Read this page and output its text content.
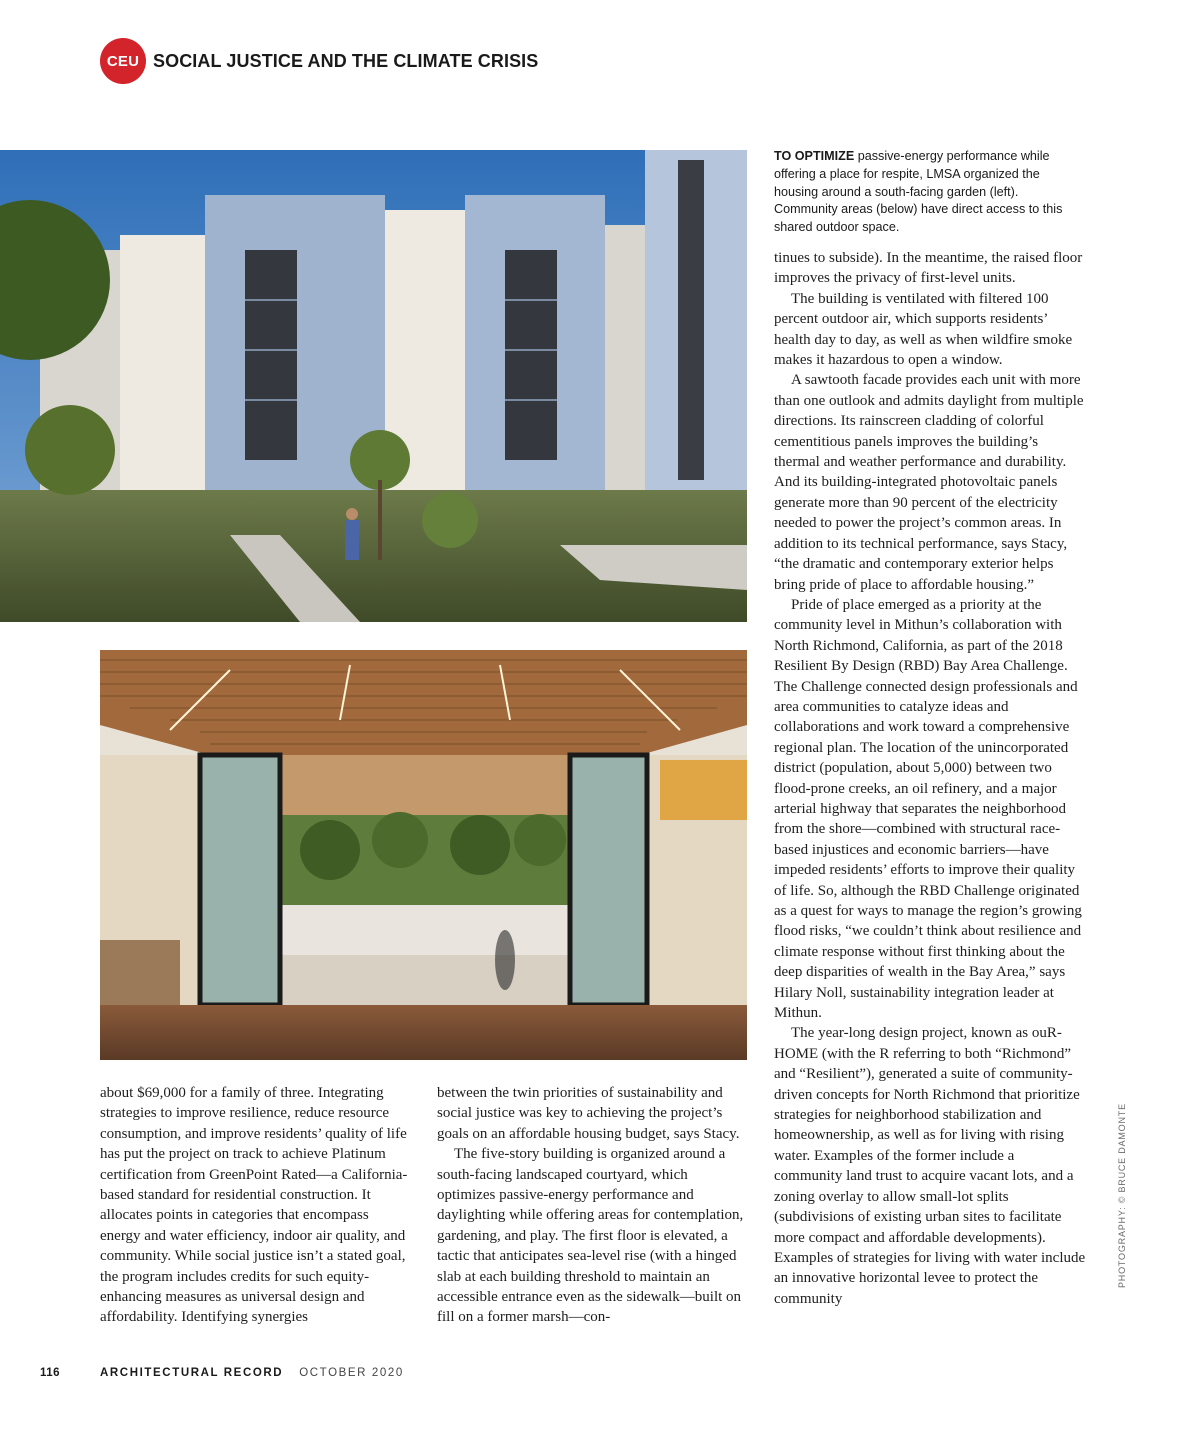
CEU SOCIAL JUSTICE AND THE CLIMATE CRISIS
TO OPTIMIZE passive-energy performance while offering a place for respite, LMSA organized the housing around a south-facing garden (left). Community areas (below) have direct access to this shared outdoor space.

about $69,000 for a family of three. Integrating strategies to improve resilience, reduce resource consumption, and improve residents’ quality of life has put the project on track to achieve Platinum certification from GreenPoint Rated—a California-based standard for residential construction. It allocates points in categories that encompass energy and water efficiency, indoor air quality, and community. While social justice isn’t a stated goal, the program includes credits for such equity-enhancing measures as universal design and affordability. Identifying synergies

between the twin priorities of sustainability and social justice was key to achieving the project’s goals on an affordable housing budget, says Stacy.

The five-story building is organized around a south-facing landscaped courtyard, which optimizes passive-energy performance and daylighting while offering areas for contemplation, gardening, and play. The first floor is elevated, a tactic that anticipates sea-level rise (with a hinged slab at each building threshold to maintain an accessible entrance even as the sidewalk—built on fill on a former marsh—con-

tinues to subside). In the meantime, the raised floor improves the privacy of first-level units.

The building is ventilated with filtered 100 percent outdoor air, which supports residents’ health day to day, as well as when wildfire smoke makes it hazardous to open a window.

A sawtooth facade provides each unit with more than one outlook and admits daylight from multiple directions. Its rainscreen cladding of colorful cementitious panels improves the building’s thermal and weather performance and durability. And its building-integrated photovoltaic panels generate more than 90 percent of the electricity needed to power the project’s common areas. In addition to its technical performance, says Stacy, “the dramatic and contemporary exterior helps bring pride of place to affordable housing.”

Pride of place emerged as a priority at the community level in Mithun’s collaboration with North Richmond, California, as part of the 2018 Resilient By Design (RBD) Bay Area Challenge. The Challenge connected design professionals and area communities to catalyze ideas and collaborations and work toward a comprehensive regional plan. The location of the unincorporated district (population, about 5,000) between two flood-prone creeks, an oil refinery, and a major arterial highway that separates the neighborhood from the shore—combined with structural race-based injustices and economic barriers—have impeded residents’ efforts to improve their quality of life. So, although the RBD Challenge originated as a quest for ways to manage the region’s growing flood risks, “we couldn’t think about resilience and climate response without first thinking about the deep disparities of wealth in the Bay Area,” says Hilary Noll, sustainability integration leader at Mithun.

The year-long design project, known as ouR-HOME (with the R referring to both “Richmond” and “Resilient”), generated a suite of community-driven concepts for North Richmond that prioritize strategies for neighborhood stabilization and homeownership, as well as for living with rising water. Examples of the former include a community land trust to acquire vacant lots, and a zoning overlay to allow small-lot splits (subdivisions of existing urban sites to facilitate more compact and affordable developments). Examples of strategies for living with water include an innovative horizontal levee to protect the community

PHOTOGRAPHY: © BRUCE DAMONTE
116	ARCHITECTURAL RECORD OCTOBER 2020
